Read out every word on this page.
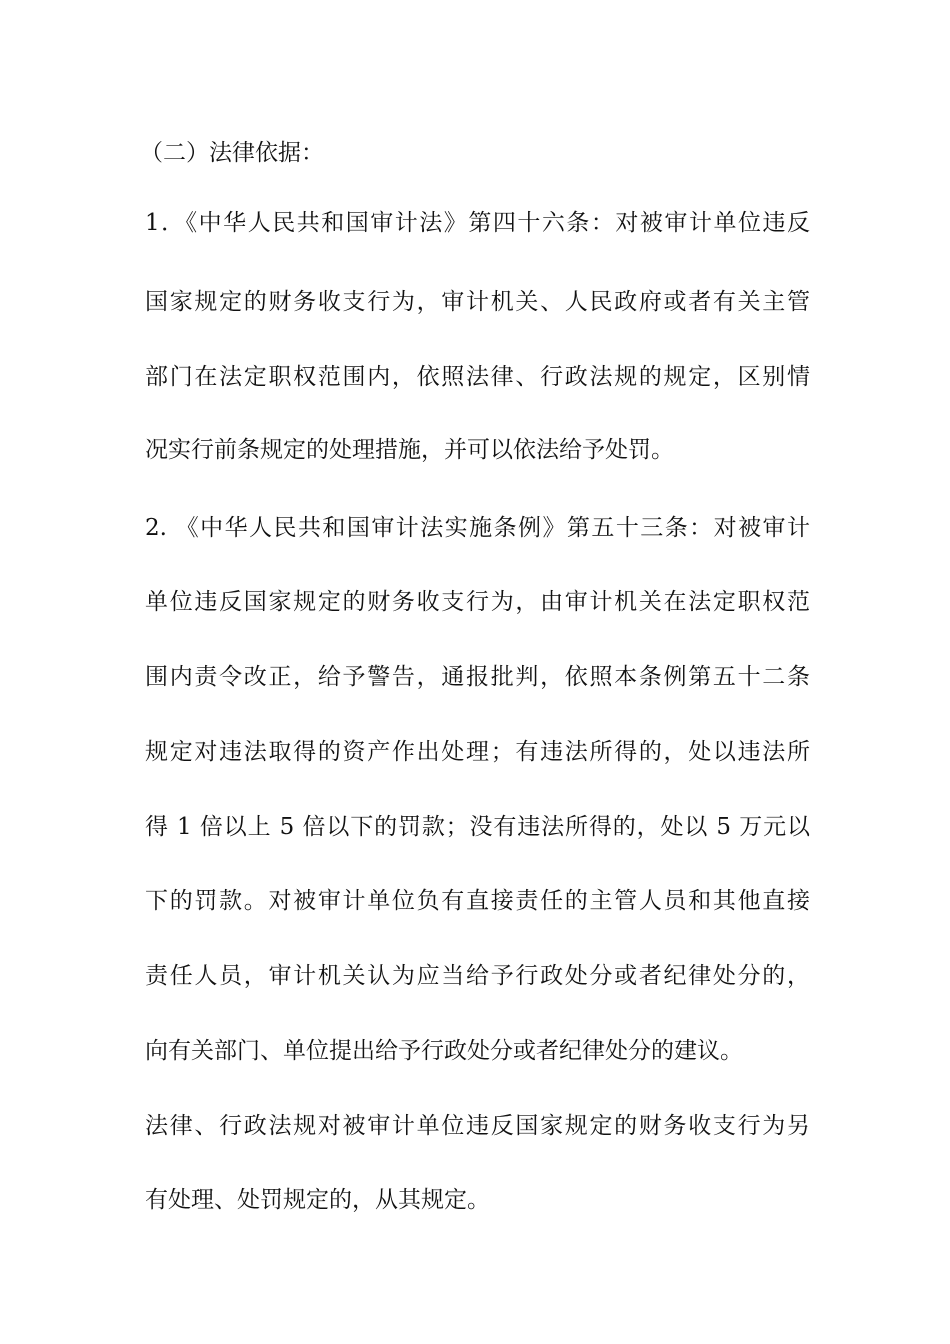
（二）法律依据：
1．《中华人民共和国审计法》第四十六条：对被审计单位违反
国家规定的财务收支行为，审计机关、人民政府或者有关主管
部门在法定职权范围内，依照法律、行政法规的规定，区别情
况实行前条规定的处理措施，并可以依法给予处罚。
2. 《中华人民共和国审计法实施条例》第五十三条：对被审计
单位违反国家规定的财务收支行为，由审计机关在法定职权范
围内责令改正，给予警告，通报批判，依照本条例第五十二条
规定对违法取得的资产作出处理；有违法所得的，处以违法所
得 1 倍以上 5 倍以下的罚款；没有违法所得的，处以 5 万元以
下的罚款。对被审计单位负有直接责任的主管人员和其他直接
责任人员，审计机关认为应当给予行政处分或者纪律处分的，
向有关部门、单位提出给予行政处分或者纪律处分的建议。
法律、行政法规对被审计单位违反国家规定的财务收支行为另
有处理、处罚规定的，从其规定。
